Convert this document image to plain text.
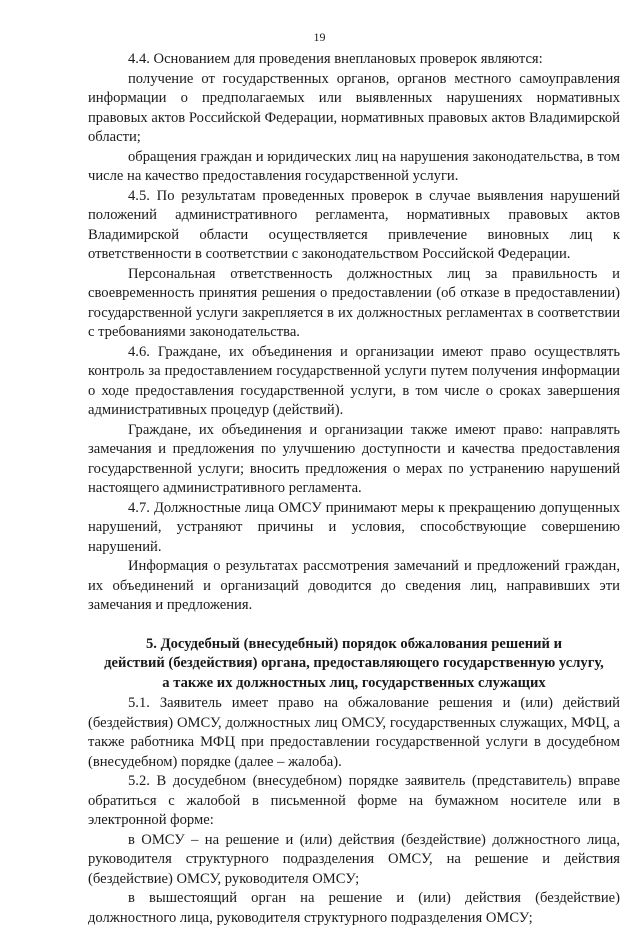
19

4.4. Основанием для проведения внеплановых проверок являются:

получение от государственных органов, органов местного самоуправления информации о предполагаемых или выявленных нарушениях нормативных правовых актов Российской Федерации, нормативных правовых актов Владимирской области;

обращения граждан и юридических лиц на нарушения законодательства, в том числе на качество предоставления государственной услуги.

4.5. По результатам проведенных проверок в случае выявления нарушений положений административного регламента, нормативных правовых актов Владимирской области осуществляется привлечение виновных лиц к ответственности в соответствии с законодательством Российской Федерации.

Персональная ответственность должностных лиц за правильность и своевременность принятия решения о предоставлении (об отказе в предоставлении) государственной услуги закрепляется в их должностных регламентах в соответствии с требованиями законодательства.

4.6. Граждане, их объединения и организации имеют право осуществлять контроль за предоставлением государственной услуги путем получения информации о ходе предоставления государственной услуги, в том числе о сроках завершения административных процедур (действий).

Граждане, их объединения и организации также имеют право: направлять замечания и предложения по улучшению доступности и качества предоставления государственной услуги; вносить предложения о мерах по устранению нарушений настоящего административного регламента.

4.7. Должностные лица ОМСУ принимают меры к прекращению допущенных нарушений, устраняют причины и условия, способствующие совершению нарушений.

Информация о результатах рассмотрения замечаний и предложений граждан, их объединений и организаций доводится до сведения лиц, направивших эти замечания и предложения.

5. Досудебный (внесудебный) порядок обжалования решений и
действий (бездействия) органа, предоставляющего государственную услугу,
а также их должностных лиц, государственных служащих

5.1. Заявитель имеет право на обжалование решения и (или) действий (бездействия) ОМСУ, должностных лиц ОМСУ, государственных служащих, МФЦ, а также работника МФЦ при предоставлении государственной услуги в досудебном (внесудебном) порядке (далее – жалоба).

5.2. В досудебном (внесудебном) порядке заявитель (представитель) вправе обратиться с жалобой в письменной форме на бумажном носителе или в электронной форме:

в ОМСУ – на решение и (или) действия (бездействие) должностного лица, руководителя структурного подразделения ОМСУ, на решение и действия (бездействие) ОМСУ, руководителя ОМСУ;

в вышестоящий орган на решение и (или) действия (бездействие) должностного лица, руководителя структурного подразделения ОМСУ;
